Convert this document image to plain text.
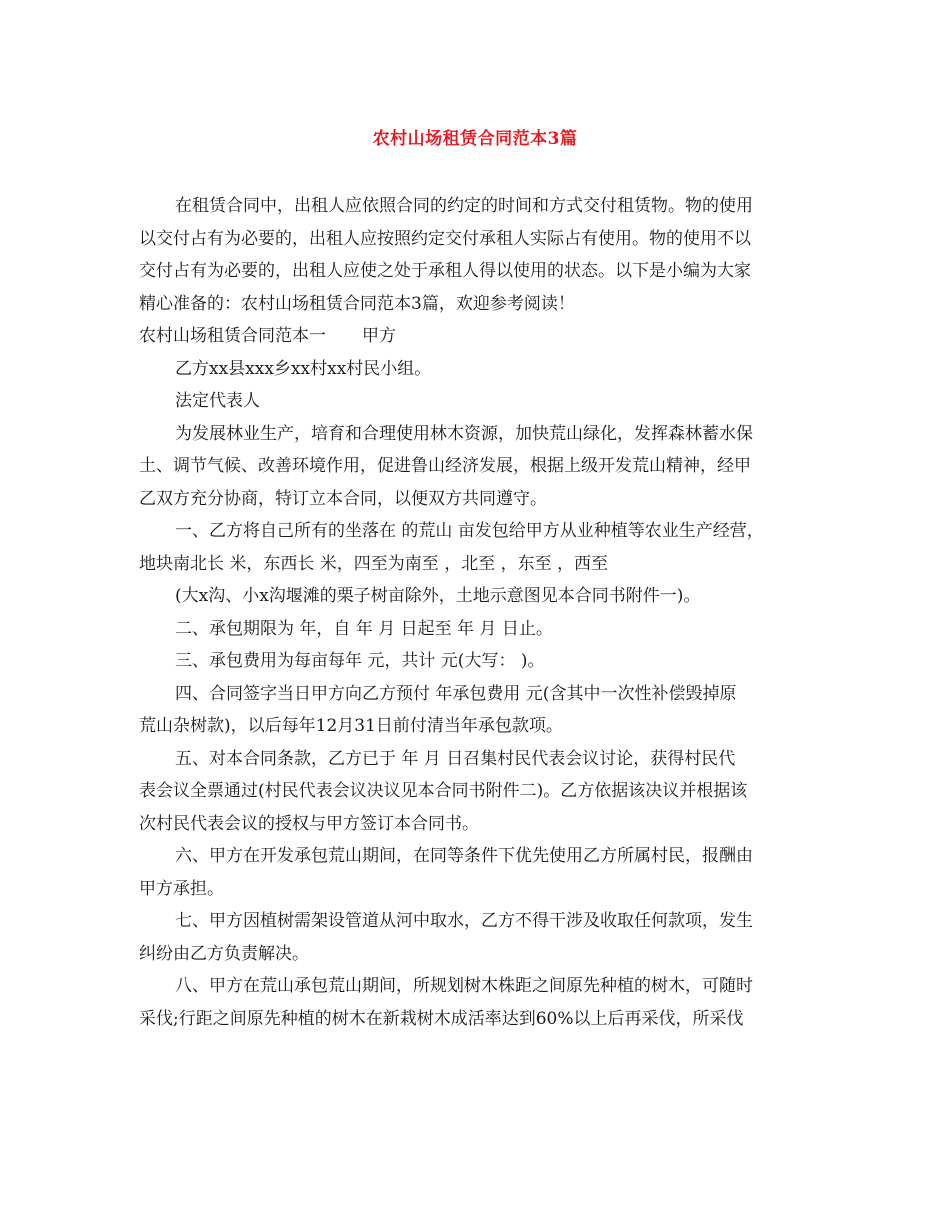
农村山场租赁合同范本3篇
在租赁合同中，出租人应依照合同的约定的时间和方式交付租赁物。物的使用
以交付占有为必要的，出租人应按照约定交付承租人实际占有使用。物的使用不以
交付占有为必要的，出租人应使之处于承租人得以使用的状态。以下是小编为大家
精心准备的：农村山场租赁合同范本3篇，欢迎参考阅读！
农村山场租赁合同范本一 甲方
乙方xx县xxx乡xx村xx村民小组。
法定代表人
为发展林业生产，培育和合理使用林木资源，加快荒山绿化，发挥森林蓄水保
土、调节气候、改善环境作用，促进鲁山经济发展，根据上级开发荒山精神，经甲
乙双方充分协商，特订立本合同，以便双方共同遵守。
一、乙方将自己所有的坐落在 的荒山 亩发包给甲方从业种植等农业生产经营，
地块南北长 米，东西长 米，四至为南至 ，北至 ，东至 ，西至
(大x沟、小x沟堰滩的栗子树亩除外，土地示意图见本合同书附件一)。
二、承包期限为 年，自 年 月 日起至 年 月 日止。
三、承包费用为每亩每年 元，共计 元(大写： )。
四、合同签字当日甲方向乙方预付 年承包费用 元(含其中一次性补偿毁掉原
荒山杂树款)，以后每年12月31日前付清当年承包款项。
五、对本合同条款，乙方已于 年 月 日召集村民代表会议讨论，获得村民代
表会议全票通过(村民代表会议决议见本合同书附件二)。乙方依据该决议并根据该
次村民代表会议的授权与甲方签订本合同书。
六、甲方在开发承包荒山期间，在同等条件下优先使用乙方所属村民，报酬由
甲方承担。
七、甲方因植树需架设管道从河中取水，乙方不得干涉及收取任何款项，发生
纠纷由乙方负责解决。
八、甲方在荒山承包荒山期间，所规划树木株距之间原先种植的树木，可随时
采伐;行距之间原先种植的树木在新栽树木成活率达到60%以上后再采伐，所采伐
